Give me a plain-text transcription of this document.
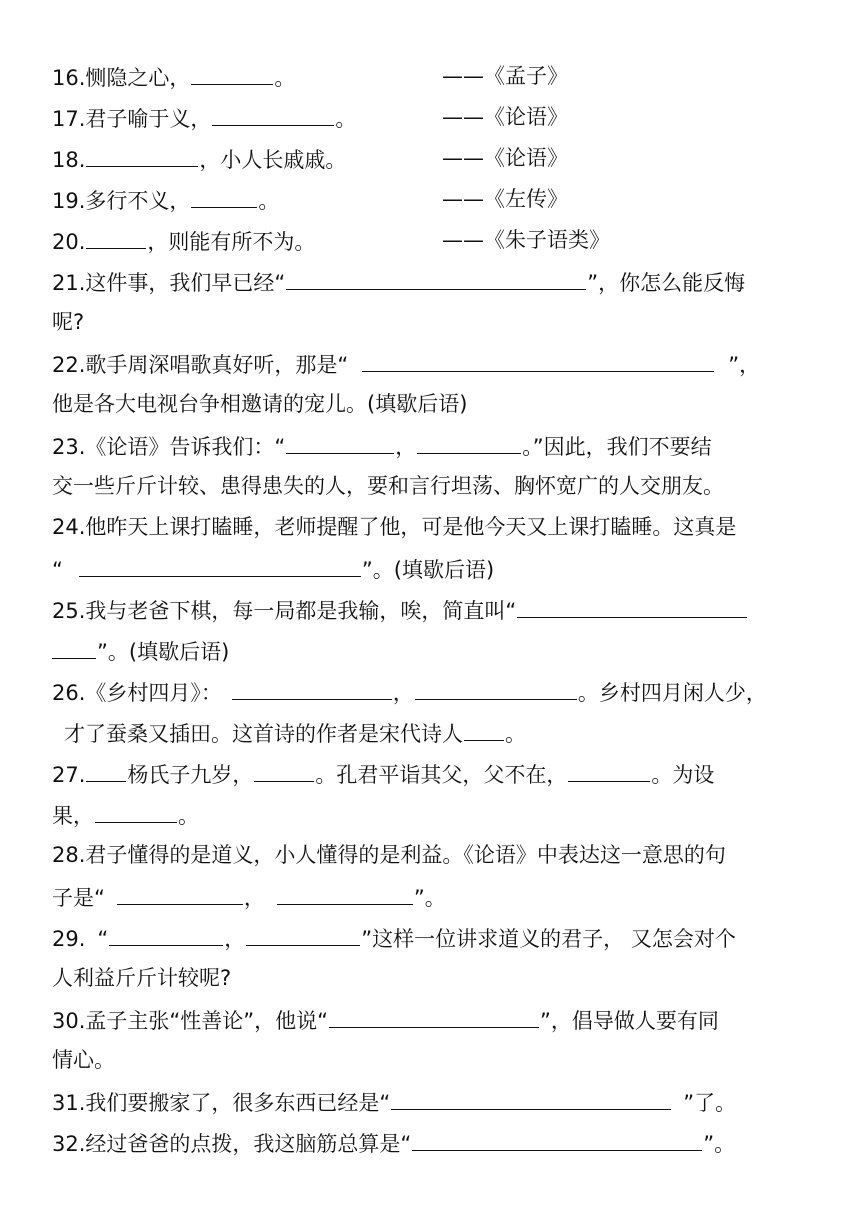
16.恻隐之心，	。	——《孟子》
17.君子喻于义，	。	——《论语》
18.	，小人长戚戚。	——《论语》
19.多行不义，	。	——《左传》
20.	，则能有所不为。	——《朱子语类》
21.这件事，我们早已经“	”，你怎么能反悔
呢?
22.歌手周深唱歌真好听，那是“	”，
他是各大电视台争相邀请的宠儿。(填歇后语)
23.《论语》告诉我们：“	，	。”因此，我们不要结
交一些斤斤计较、患得患失的人，要和言行坦荡、胸怀宽广的人交朋友。
24.他昨天上课打瞌睡，老师提醒了他，可是他今天又上课打瞌睡。这真是
“	”。(填歇后语)
25.我与老爸下棋，每一局都是我输，唉，简直叫“
”。(填歇后语)
26.《乡村四月》：	，	。乡村四月闲人少，
才了蚕桑又插田。这首诗的作者是宋代诗人 。
27. 杨氏子九岁，	。孔君平诣其父，父不在，	。为设
果，	。
28.君子懂得的是道义，小人懂得的是利益。《论语》中表达这一意思的句
子是“	，	”。
29. “	，	”这样一位讲求道义的君子， 又怎会对个
人利益斤斤计较呢?
30.孟子主张“性善论”，他说“	”，倡导做人要有同
情心。
31.我们要搬家了，很多东西已经是“	”了。
32.经过爸爸的点拨，我这脑筋总算是“	”。
